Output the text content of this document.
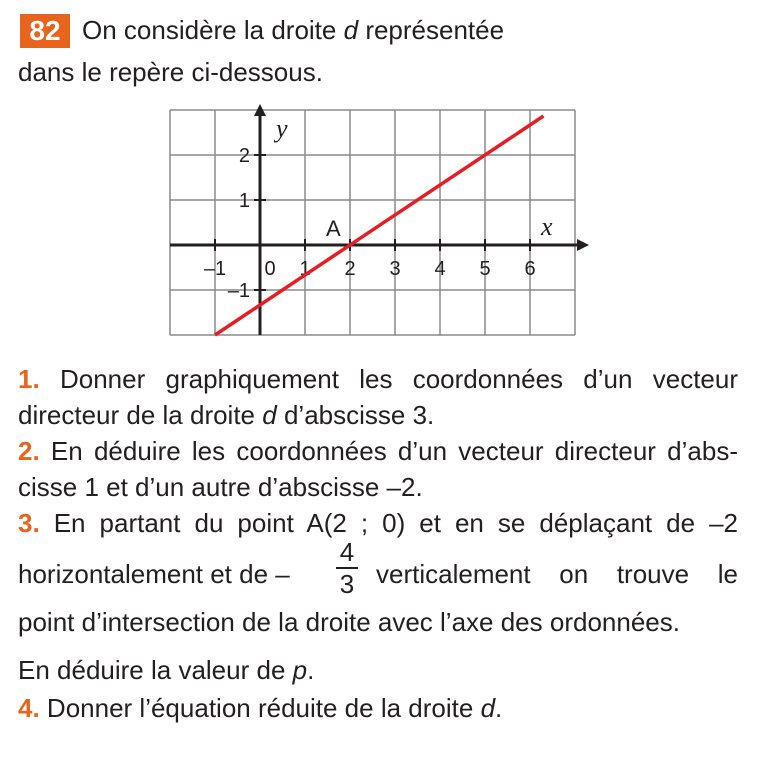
82 On considère la droite d représentée
dans le repère ci-dessous.
–1 0 1 2 3 4 5 6
2
1
–1
x
y
A
1. Donner graphiquement les coordonnées d’un vecteur
directeur de la droite d d’abscisse 3.
2. En déduire les coordonnées d’un vecteur directeur d’abs-
cisse 1 et d’un autre d’abscisse –2.
3. En partant du point A(2 ; 0) et en se déplaçant de –2
horizontalement et de –
4
3 verticalement on trouve le
point d’intersection de la droite avec l’axe des ordonnées.
En déduire la valeur de p.
4. Donner l’équation réduite de la droite d.
